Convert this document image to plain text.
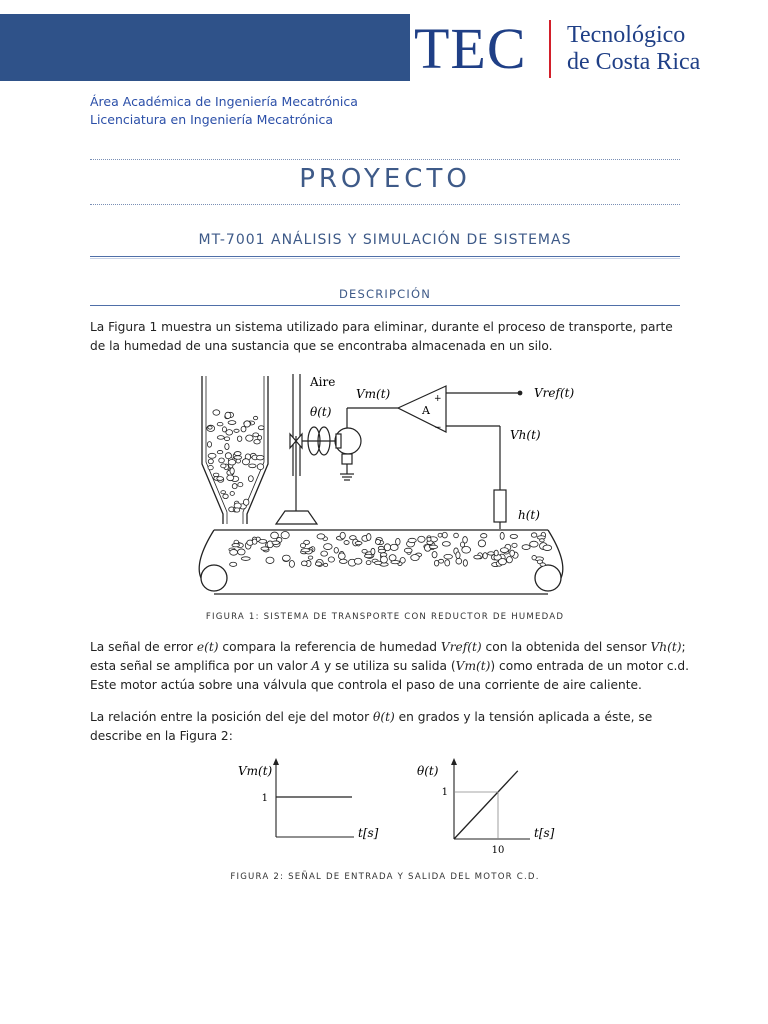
TEC Tecnológico
de Costa Rica
Área Académica de Ingeniería Mecatrónica
Licenciatura en Ingeniería Mecatrónica
PROYECTO
MT-7001 ANÁLISIS Y SIMULACIÓN DE SISTEMAS
DESCRIPCIÓN
La Figura 1 muestra un sistema utilizado para eliminar, durante el proceso de transporte, parte de la humedad de una sustancia que se encontraba almacenada en un silo.
Aire
Vm(t)	Vref(t)
Vh(t)
θ(t)
h(t)
A
+
−
FIGURA 1: SISTEMA DE TRANSPORTE CON REDUCTOR DE HUMEDAD
La señal de error e(t) compara la referencia de humedad Vref(t) con la obtenida del sensor Vh(t); esta señal se amplifica por un valor A y se utiliza su salida (Vm(t)) como entrada de un motor c.d. Este motor actúa sobre una válvula que controla el paso de una corriente de aire caliente.
La relación entre la posición del eje del motor θ(t) en grados y la tensión aplicada a éste, se describe en la Figura 2:
Vm(t)
t[s]
1
θ(t)
t[s]
1
10
FIGURA 2: SEÑAL DE ENTRADA Y SALIDA DEL MOTOR C.D.
